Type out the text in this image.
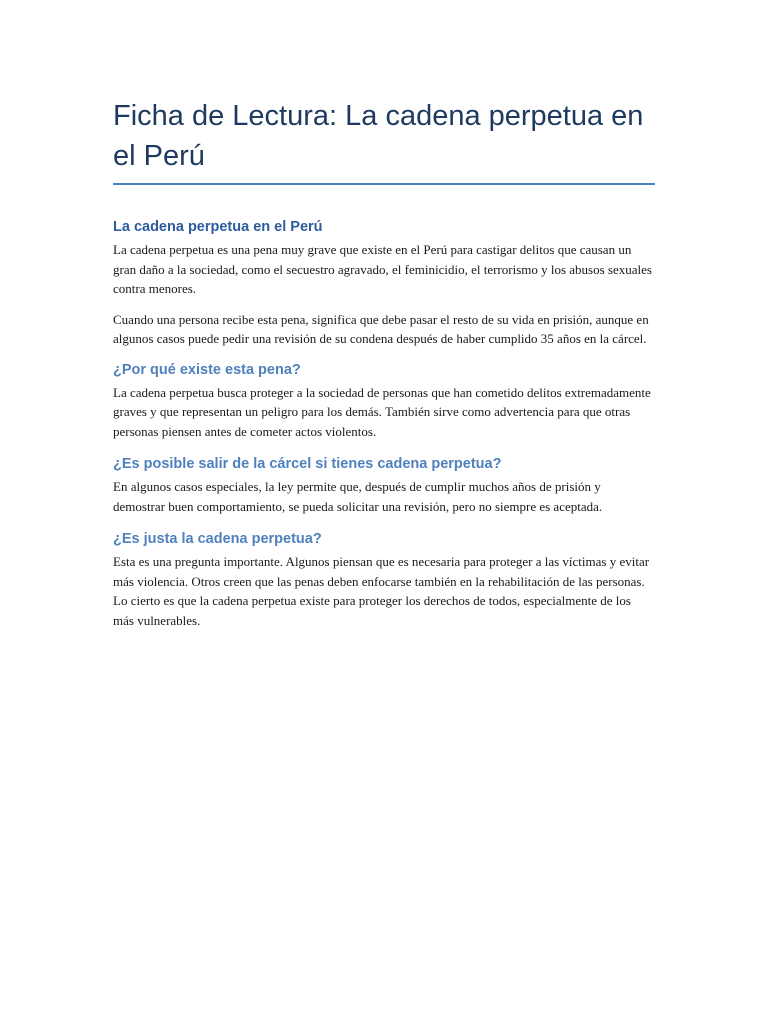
Ficha de Lectura: La cadena perpetua en el Perú
La cadena perpetua en el Perú

La cadena perpetua es una pena muy grave que existe en el Perú para castigar delitos que causan un gran daño a la sociedad, como el secuestro agravado, el feminicidio, el terrorismo y los abusos sexuales contra menores.

Cuando una persona recibe esta pena, significa que debe pasar el resto de su vida en prisión, aunque en algunos casos puede pedir una revisión de su condena después de haber cumplido 35 años en la cárcel.

¿Por qué existe esta pena?

La cadena perpetua busca proteger a la sociedad de personas que han cometido delitos extremadamente graves y que representan un peligro para los demás. También sirve como advertencia para que otras personas piensen antes de cometer actos violentos.

¿Es posible salir de la cárcel si tienes cadena perpetua?

En algunos casos especiales, la ley permite que, después de cumplir muchos años de prisión y demostrar buen comportamiento, se pueda solicitar una revisión, pero no siempre es aceptada.

¿Es justa la cadena perpetua?

Esta es una pregunta importante. Algunos piensan que es necesaria para proteger a las víctimas y evitar más violencia. Otros creen que las penas deben enfocarse también en la rehabilitación de las personas. Lo cierto es que la cadena perpetua existe para proteger los derechos de todos, especialmente de los más vulnerables.
